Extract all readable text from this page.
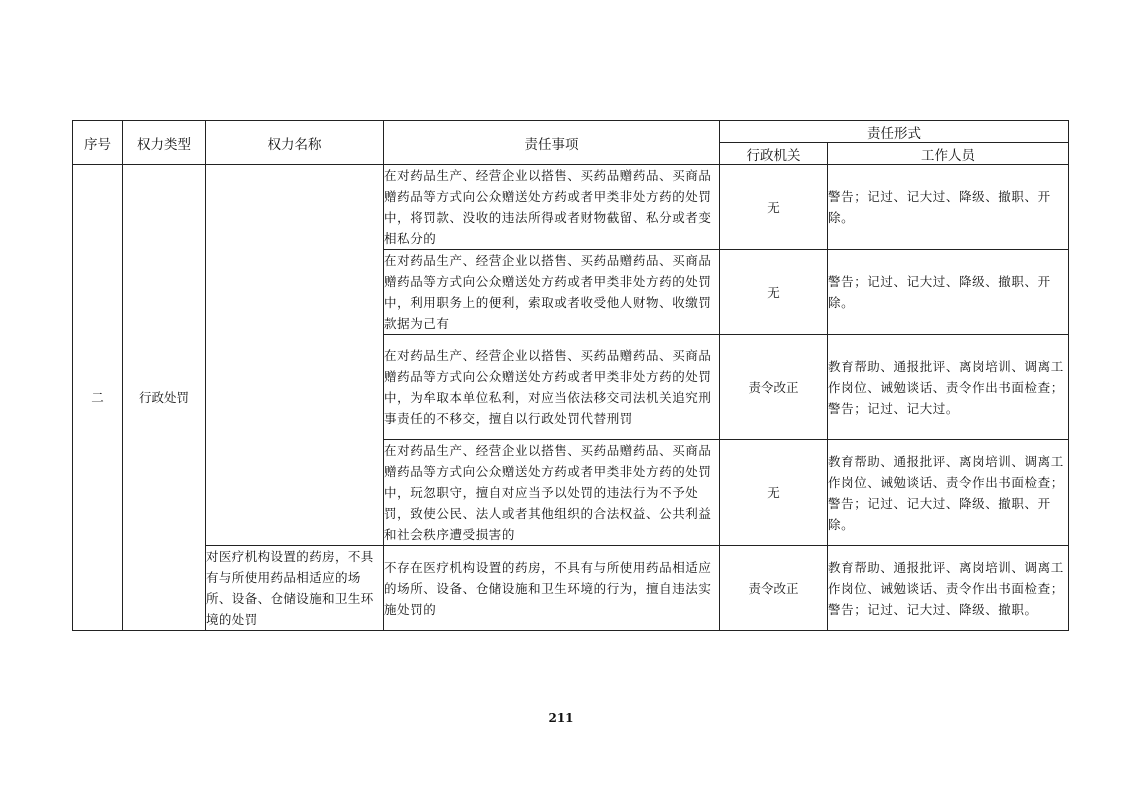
序号	权力类型	权力名称	责任事项	责任形式	
				行政机关	工作人员
二	行政处罚		在对药品生产、经营企业以搭售、买药品赠药品、买商品赠药品等方式向公众赠送处方药或者甲类非处方药的处罚中，将罚款、没收的违法所得或者财物截留、私分或者变相私分的	无	警告；记过、记大过、降级、撤职、开除。
			在对药品生产、经营企业以搭售、买药品赠药品、买商品赠药品等方式向公众赠送处方药或者甲类非处方药的处罚中，利用职务上的便利，索取或者收受他人财物、收缴罚款据为己有	无	警告；记过、记大过、降级、撤职、开除。
			在对药品生产、经营企业以搭售、买药品赠药品、买商品赠药品等方式向公众赠送处方药或者甲类非处方药的处罚中，为牟取本单位私利，对应当依法移交司法机关追究刑事责任的不移交，擅自以行政处罚代替刑罚	责令改正	教育帮助、通报批评、离岗培训、调离工作岗位、诫勉谈话、责令作出书面检查；警告；记过、记大过。
			在对药品生产、经营企业以搭售、买药品赠药品、买商品赠药品等方式向公众赠送处方药或者甲类非处方药的处罚中，玩忽职守，擅自对应当予以处罚的违法行为不予处罚，致使公民、法人或者其他组织的合法权益、公共利益和社会秩序遭受损害的	无	教育帮助、通报批评、离岗培训、调离工作岗位、诫勉谈话、责令作出书面检查；警告；记过、记大过、降级、撤职、开除。
		对医疗机构设置的药房，不具有与所使用药品相适应的场所、设备、仓储设施和卫生环境的处罚	不存在医疗机构设置的药房，不具有与所使用药品相适应的场所、设备、仓储设施和卫生环境的行为，擅自违法实施处罚的	责令改正	教育帮助、通报批评、离岗培训、调离工作岗位、诫勉谈话、责令作出书面检查；警告；记过、记大过、降级、撤职。
211
